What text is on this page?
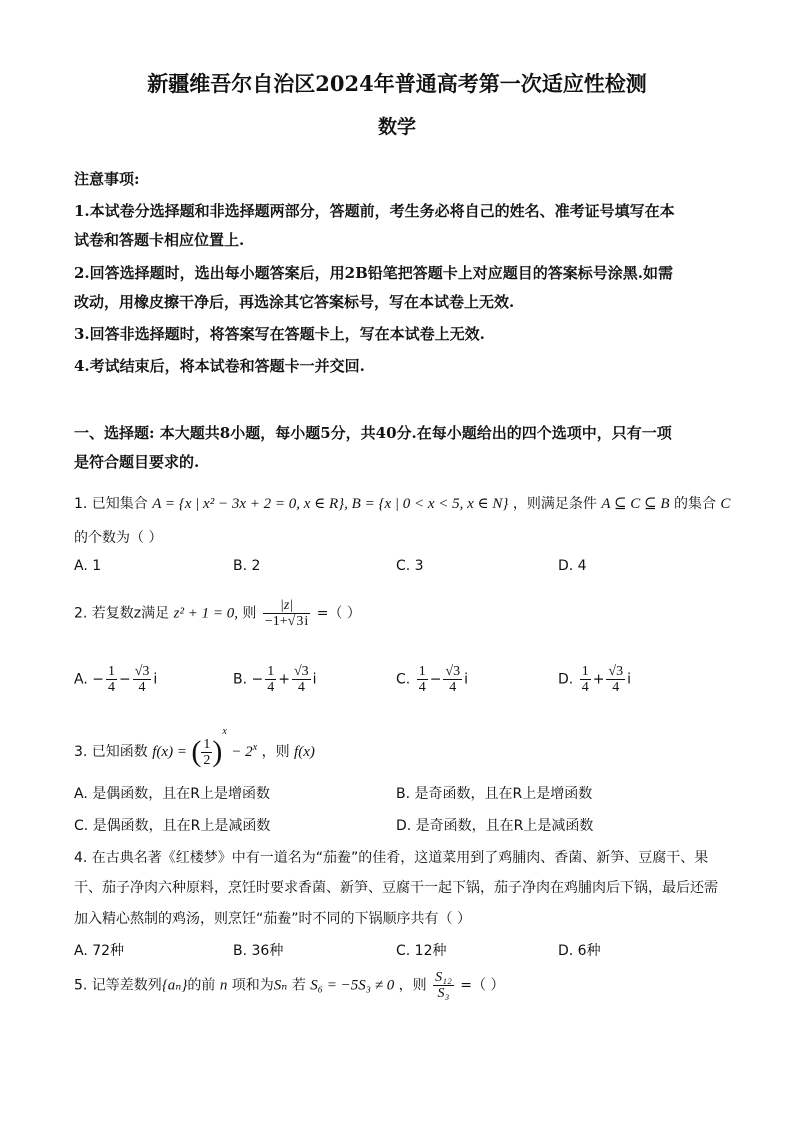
新疆维吾尔自治区2024年普通高考第一次适应性检测
数学
注意事项:
1.本试卷分选择题和非选择题两部分，答题前，考生务必将自己的姓名、准考证号填写在本
试卷和答题卡相应位置上.
2.回答选择题时，选出每小题答案后，用2B铅笔把答题卡上对应题目的答案标号涂黑.如需
改动，用橡皮擦干净后，再选涂其它答案标号，写在本试卷上无效.
3.回答非选择题时，将答案写在答题卡上，写在本试卷上无效.
4.考试结束后，将本试卷和答题卡一并交回.
一、选择题: 本大题共8小题，每小题5分，共40分.在每小题给出的四个选项中，只有一项
是符合题目要求的.
1. 已知集合 A = {x | x² − 3x + 2 = 0, x ∈ R}, B = {x | 0 < x < 5, x ∈ N} ，则满足条件 A ⊆ C ⊆ B 的集合 C
的个数为（ ）
A. 1	B. 2	C. 3	D. 4
2. 若复数z满足 z² + 1 = 0, 则 $\frac{|z|}{-1+√3i}$ =（ ）
A. − $\frac{1}{4} - \frac{√3}{4}$ i	B. − $\frac{1}{4} + \frac{√3}{4}$ i	C. $\frac{1}{4} - \frac{√3}{4}$ i	D. $\frac{1}{4} + \frac{√3}{4}$ i
3. 已知函数 f(x) = ( $\frac{1}{2} )^x - 2^x$ ，则 f(x)
A. 是偶函数，且在R上是增函数	B. 是奇函数，且在R上是增函数
C. 是偶函数，且在R上是减函数	D. 是奇函数，且在R上是减函数
4. 在古典名著《红楼梦》中有一道名为“茄鲞”的佳肴，这道菜用到了鸡脯肉、香菌、新笋、豆腐干、果
干、茄子净肉六种原料，烹饪时要求香菌、新笋、豆腐干一起下锅，茄子净肉在鸡脯肉后下锅，最后还需
加入精心熬制的鸡汤，则烹饪“茄鲞”时不同的下锅顺序共有（ ）
A. 72种	B. 36种	C. 12种	D. 6种
5. 记等差数列{aₙ}的前 n 项和为Sₙ 若 S₆ = −5S₃ ≠ 0 ，则 $\frac{\text{S₁₂}}{\text{S₃}}$ =（ ）
